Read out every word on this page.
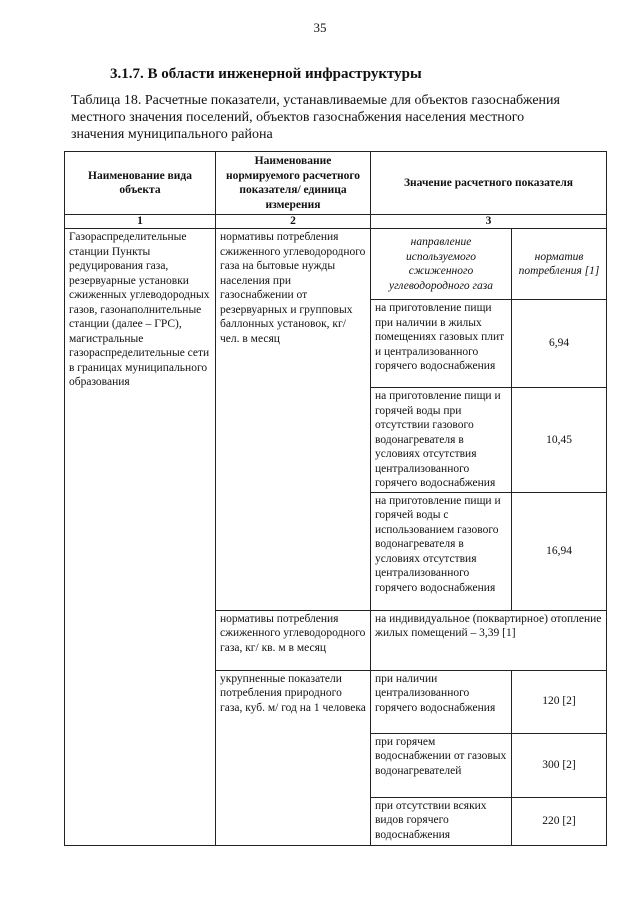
35
3.1.7. В области инженерной инфраструктуры
Таблица 18. Расчетные показатели, устанавливаемые для объектов газоснабжения местного значения поселений, объектов газоснабжения населения местного значения муниципального района
Наименование вида объекта	Наименование нормируемого расчетного показателя/ единица измерения	Значение расчетного показателя	
1	2	3	
Газораспределительные станции Пункты редуцирования газа, резервуарные установки сжиженных углеводородных газов, газонаполнительные станции (далее – ГРС), магистральные газораспределительные сети в границах муниципального образования	нормативы потребления сжиженного углеводородного газа на бытовые нужды населения при газоснабжении от резервуарных и групповых баллонных установок, кг/ чел. в месяц	направление используемого сжиженного углеводородного газа	норматив потребления [1]
		на приготовление пищи при наличии в жилых помещениях газовых плит и централизованного горячего водоснабжения	6,94
		на приготовление пищи и горячей воды при отсутствии газового водонагревателя в условиях отсутствия централизованного горячего водоснабжения	10,45
		на приготовление пищи и горячей воды с использованием газового водонагревателя в условиях отсутствия централизованного горячего водоснабжения	16,94
	нормативы потребления сжиженного углеводородного газа, кг/ кв. м в месяц	на индивидуальное (поквартирное) отопление жилых помещений – 3,39 [1]	
	укрупненные показатели потребления природного газа, куб. м/ год на 1 человека	при наличии централизованного горячего водоснабжения	120 [2]
		при горячем водоснабжении от газовых водонагревателей	300 [2]
		при отсутствии всяких видов горячего водоснабжения	220 [2]
